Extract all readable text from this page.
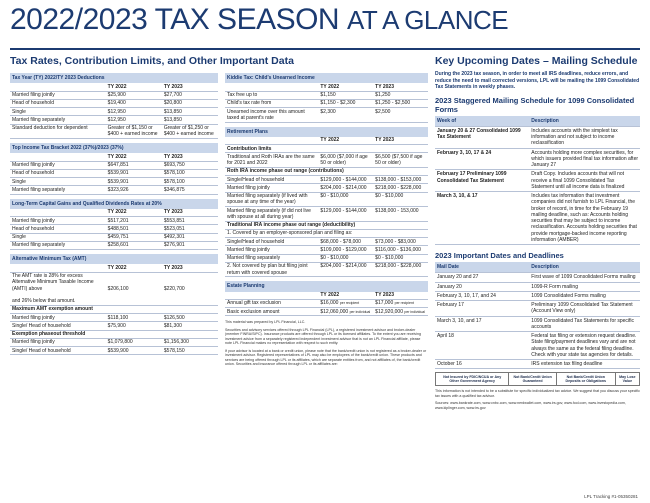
2022/2023 TAX SEASON AT A GLANCE
Tax Rates, Contribution Limits, and Other Important Data	Key Upcoming Dates – Mailing Schedule
Tax Year (TY) 2022/TY 2023 Deductions		
	TY 2022	TY 2023
Married filing jointly	$25,900	$27,700
Head of household	$19,400	$20,800
Single	$12,950	$13,850
Married filing separately	$12,950	$13,850
Standard deduction for dependent	Greater of $1,150 or $400 + earned income	Greater of $1,250 or $400 + earned income
Top Income Tax Bracket 2022 (37%)/2023 (37%)		
	TY 2022	TY 2023
Married filing jointly	$647,851	$693,750
Head of household	$539,901	$578,100
Single	$539,901	$578,100
Married filing separately	$323,926	$346,875
Long-Term Capital Gains and Qualified Dividends Rates at 20%		
	TY 2022	TY 2023
Married filing jointly	$517,201	$553,851
Head of household	$488,501	$523,051
Single	$459,751	$492,301
Married filing separately	$258,601	$276,901
Alternative Minimum Tax (AMT)		
	TY 2022	TY 2023
The AMT rate is 28% for excess Alternative Minimum Taxable Income (AMTI) above

and 26% below that amount.	$206,100	$220,700
Maximum AMT exemption amount		
Married filing jointly	$118,100	$126,500
Single/ Head of household	$75,900	$81,300
Exemption phaseout threshold		
Married filing jointly	$1,079,800	$1,156,300
Single/ Head of household	$539,900	$578,150
Kiddie Tax: Child's Unearned Income		
	TY 2022	TY 2023
Tax free up to	$1,150	$1,250
Child's tax rate from	$1,150 - $2,300	$1,250 - $2,500
Unearned income over this amount taxed at parent's rate	$2,300	$2,500
Retirement Plans		
	TY 2022	TY 2023
Contribution limits		
Traditional and Roth IRAs are the same for 2021 and 2022	$6,000 ($7,000 if age 50 or older)	$6,500 ($7,500 if age 50 or older)
Roth IRA income phase out range (contributions)		
Single/Head of household	$129,000 - $144,000	$138,000 - $153,000
Married filing jointly	$204,000 - $214,000	$218,000 - $228,000
Married filing separately (if lived with spouse at any time of the year)	$0 - $10,000	$0 - $10,000
Married filing separately (if did not live with spouse at all during year)	$129,000 - $144,000	$138,000 - 153,000
Traditional IRA income phase out range (deductibility)		
1. Covered by an employer-sponsored plan and filing as:		
Single/Head of household	$68,000 - $78,000	$73,000 - $83,000
Married filing jointly	$109,000 - $129,000	$116,000 - $136,000
Married filing separately	$0 - $10,000	$0 - $10,000
2. Not covered by plan but filing joint return with covered spouse	$204,000 - $214,000	$218,000 - $228,000
Estate Planning		
	TY 2022	TY 2023
Annual gift tax exclusion	$16,000 per recipient	$17,000 per recipient
Basic exclusion amount	$12,060,000 per individual	$12,920,000 per individual
This material was prepared by LPL Financial, LLC.
Securities and advisory services offered through LPL Financial (LPL), a registered investment advisor and broker-dealer (member FINRA/SIPC). Insurance products are offered through LPL or its licensed affiliates. To the extent you are receiving investment advice from a separately registered independent investment advisor that is not an LPL Financial affiliate, please note LPL Financial makes no representation with respect to such entity.
If your advisor is located at a bank or credit union, please note that the bank/credit union is not registered as a broker-dealer or investment advisor. Registered representatives of LPL may also be employees of the bank/credit union. These products and services are being offered through LPL or its affiliates, which are separate entities from, and not affiliates of, the bank/credit union. Securities and insurance offered through LPL or its affiliates are:
During the 2023 tax season, in order to meet all IRS deadlines, reduce errors, and reduce the need to mail corrected versions, LPL will be mailing the 1099 Consolidated Tax Statements in weekly phases.
2023 Staggered Mailing Schedule for 1099 Consolidated Forms
Week of	Description
January 20 & 27 Consolidated 1099 Tax Statement	Includes accounts with the simplest tax information and not subject to income reclassification
February 3, 10, 17 & 24	Accounts holding more complex securities, for which issuers provided final tax information after January 27
February 17 Preliminary 1099 Consolidated Tax Statement	Draft Copy. Includes accounts that will not receive a final 1099 Consolidated Tax Statement until all income data is finalized
March 3, 10, & 17	Includes tax information that investment companies did not furnish to LPL Financial, the broker of record, in time for the February 19 mailing deadline, such as: Accounts holding securities that may be subject to income reclassification. Accounts holding securities that provide mortgage-backed income reporting information (AMBER)
2023 Important Dates and Deadlines
Mail Date	Description
January 20 and 27	First wave of 1099 Consolidated Forms mailing
January 20	1099-R Form mailing
February 3, 10, 17, and 24	1099 Consolidated Forms mailing
February 17	Preliminary 1099 Consolidated Tax Statement (Account View only)
March 3, 10, and 17	1099 Consolidated Tax Statements for specific accounts
April 18	Federal tax filing or extension request deadline. State filing/payment deadlines vary and are not always the same as the federal filing deadline. Check with your state tax agencies for details.
October 16	IRS extension tax filing deadline
Not Insured by FDIC/NCUA or Any Other Government Agency	Not Bank/Credit Union Guaranteed	Not Bank/Credit Union Deposits or Obligations	May Lose Value
This information is not intended to be a substitute for specific individualized tax advice. We suggest that you discuss your specific tax issues with a qualified tax advisor.
Sources: www.bankrate.com, www.cnbc.com, www.nerdwallet.com, www.irs.gov, www.fool.com, www.investopedia.com, www.kiplinger.com, www.irs.gov
LPL Tracking #1-05350281
